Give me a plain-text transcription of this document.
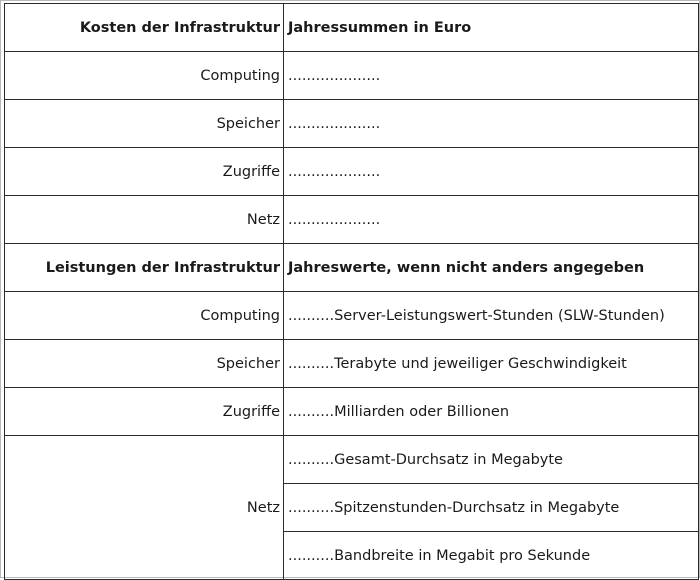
Kosten der Infrastruktur	Jahressummen in Euro
Computing	....................
Speicher	....................
Zugriffe	....................
Netz	....................
Leistungen der Infrastruktur	Jahreswerte, wenn nicht anders angegeben
Computing	..........Server-Leistungswert-Stunden (SLW-Stunden)
Speicher	..........Terabyte und jeweiliger Geschwindigkeit
Zugriffe	..........Milliarden oder Billionen
Netz	..........Gesamt-Durchsatz in Megabyte
	..........Spitzenstunden-Durchsatz in Megabyte
	..........Bandbreite in Megabit pro Sekunde
